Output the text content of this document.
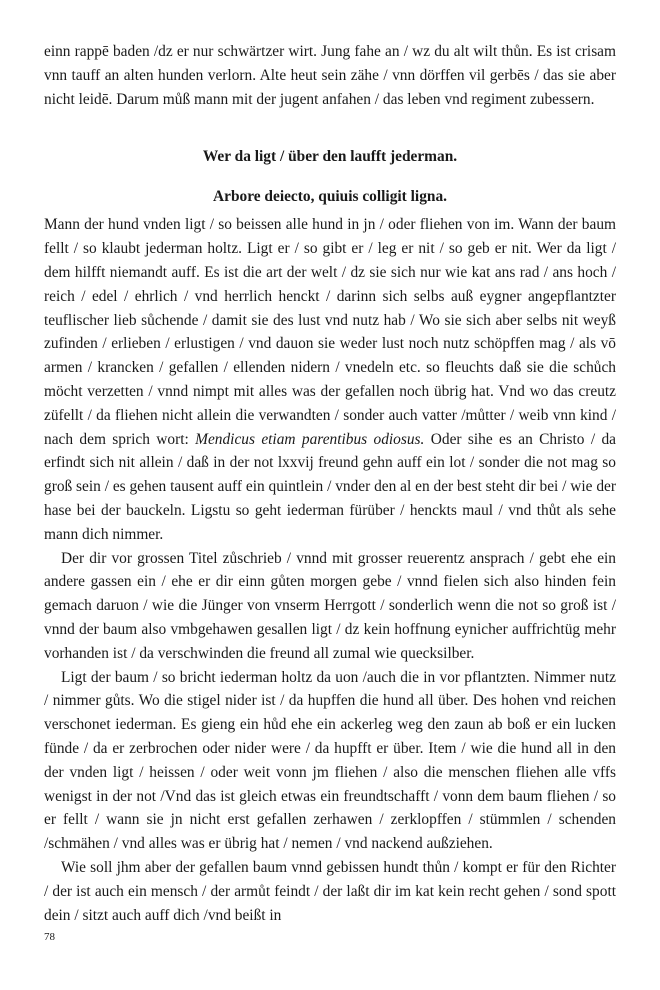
einn rappē baden /dz er nur schwärtzer wirt. Jung fahe an / wz du alt wilt thůn. Es ist crisam vnn tauff an alten hunden verlorn. Alte heut sein zähe / vnn dörffen vil gerbēs / das sie aber nicht leidē. Darum můß mann mit der jugent anfahen / das leben vnd regiment zubessern.

Wer da ligt / über den laufft jederman.
Arbore deiecto, quiuis colligit ligna.

Mann der hund vnden ligt / so beissen alle hund in jn / oder fliehen von im. Wann der baum fellt / so klaubt jederman holtz. Ligt er / so gibt er / leg er nit / so geb er nit. Wer da ligt / dem hilfft niemandt auff. Es ist die art der welt / dz sie sich nur wie kat ans rad / ans hoch / reich / edel / ehrlich / vnd herrlich henckt / darinn sich selbs auß eygner angepflantzter teuflischer lieb sůchende / damit sie des lust vnd nutz hab / Wo sie sich aber selbs nit weyß zufinden / erlieben / erlustigen / vnd dauon sie weder lust noch nutz schöpffen mag / als vō armen / krancken / gefallen / ellenden nidern / vnedeln etc. so fleuchts daß sie die schůch möcht verzetten / vnnd nimpt mit alles was der gefallen noch übrig hat. Vnd wo das creutz züfellt / da fliehen nicht allein die verwandten / sonder auch vatter /můtter / weib vnn kind / nach dem sprich wort: Mendicus etiam parentibus odiosus. Oder sihe es an Christo / da erfindt sich nit allein / daß in der not lxxvij freund gehn auff ein lot / sonder die not mag so groß sein / es gehen tausent auff ein quintlein / vnder den al en der best steht dir bei / wie der hase bei der bauckeln. Ligstu so geht iederman fürüber / henckts maul / vnd thůt als sehe mann dich nimmer.

Der dir vor grossen Titel zůschrieb / vnnd mit grosser reuerentz ansprach / gebt ehe ein andere gassen ein / ehe er dir einn gůten morgen gebe / vnnd fielen sich also hinden fein gemach daruon / wie die Jünger von vnserm Herrgott / sonderlich wenn die not so groß ist / vnnd der baum also vmbgehawen gesallen ligt / dz kein hoffnung eynicher auffrichtüg mehr vorhanden ist / da verschwinden die freund all zumal wie quecksilber.

Ligt der baum / so bricht iederman holtz da uon /auch die in vor pflantzten. Nimmer nutz / nimmer gůts. Wo die stigel nider ist / da hupffen die hund all über. Des hohen vnd reichen verschonet iederman. Es gieng ein hůd ehe ein ackerleg weg den zaun ab boß er ein lucken fünde / da er zerbrochen oder nider were / da hupfft er über. Item / wie die hund all in den der vnden ligt / heissen / oder weit vonn jm fliehen / also die menschen fliehen alle vffs wenigst in der not /Vnd das ist gleich etwas ein freundtschafft / vonn dem baum fliehen / so er fellt / wann sie jn nicht erst gefallen zerhawen / zerklopffen / stümmlen / schenden /schmähen / vnd alles was er übrig hat / nemen / vnd nackend außziehen.

Wie soll jhm aber der gefallen baum vnnd gebissen hundt thůn / kompt er für den Richter / der ist auch ein mensch / der armůt feindt / der laßt dir im kat kein recht gehen / sond spott dein / sitzt auch auff dich /vnd beißt in

78
